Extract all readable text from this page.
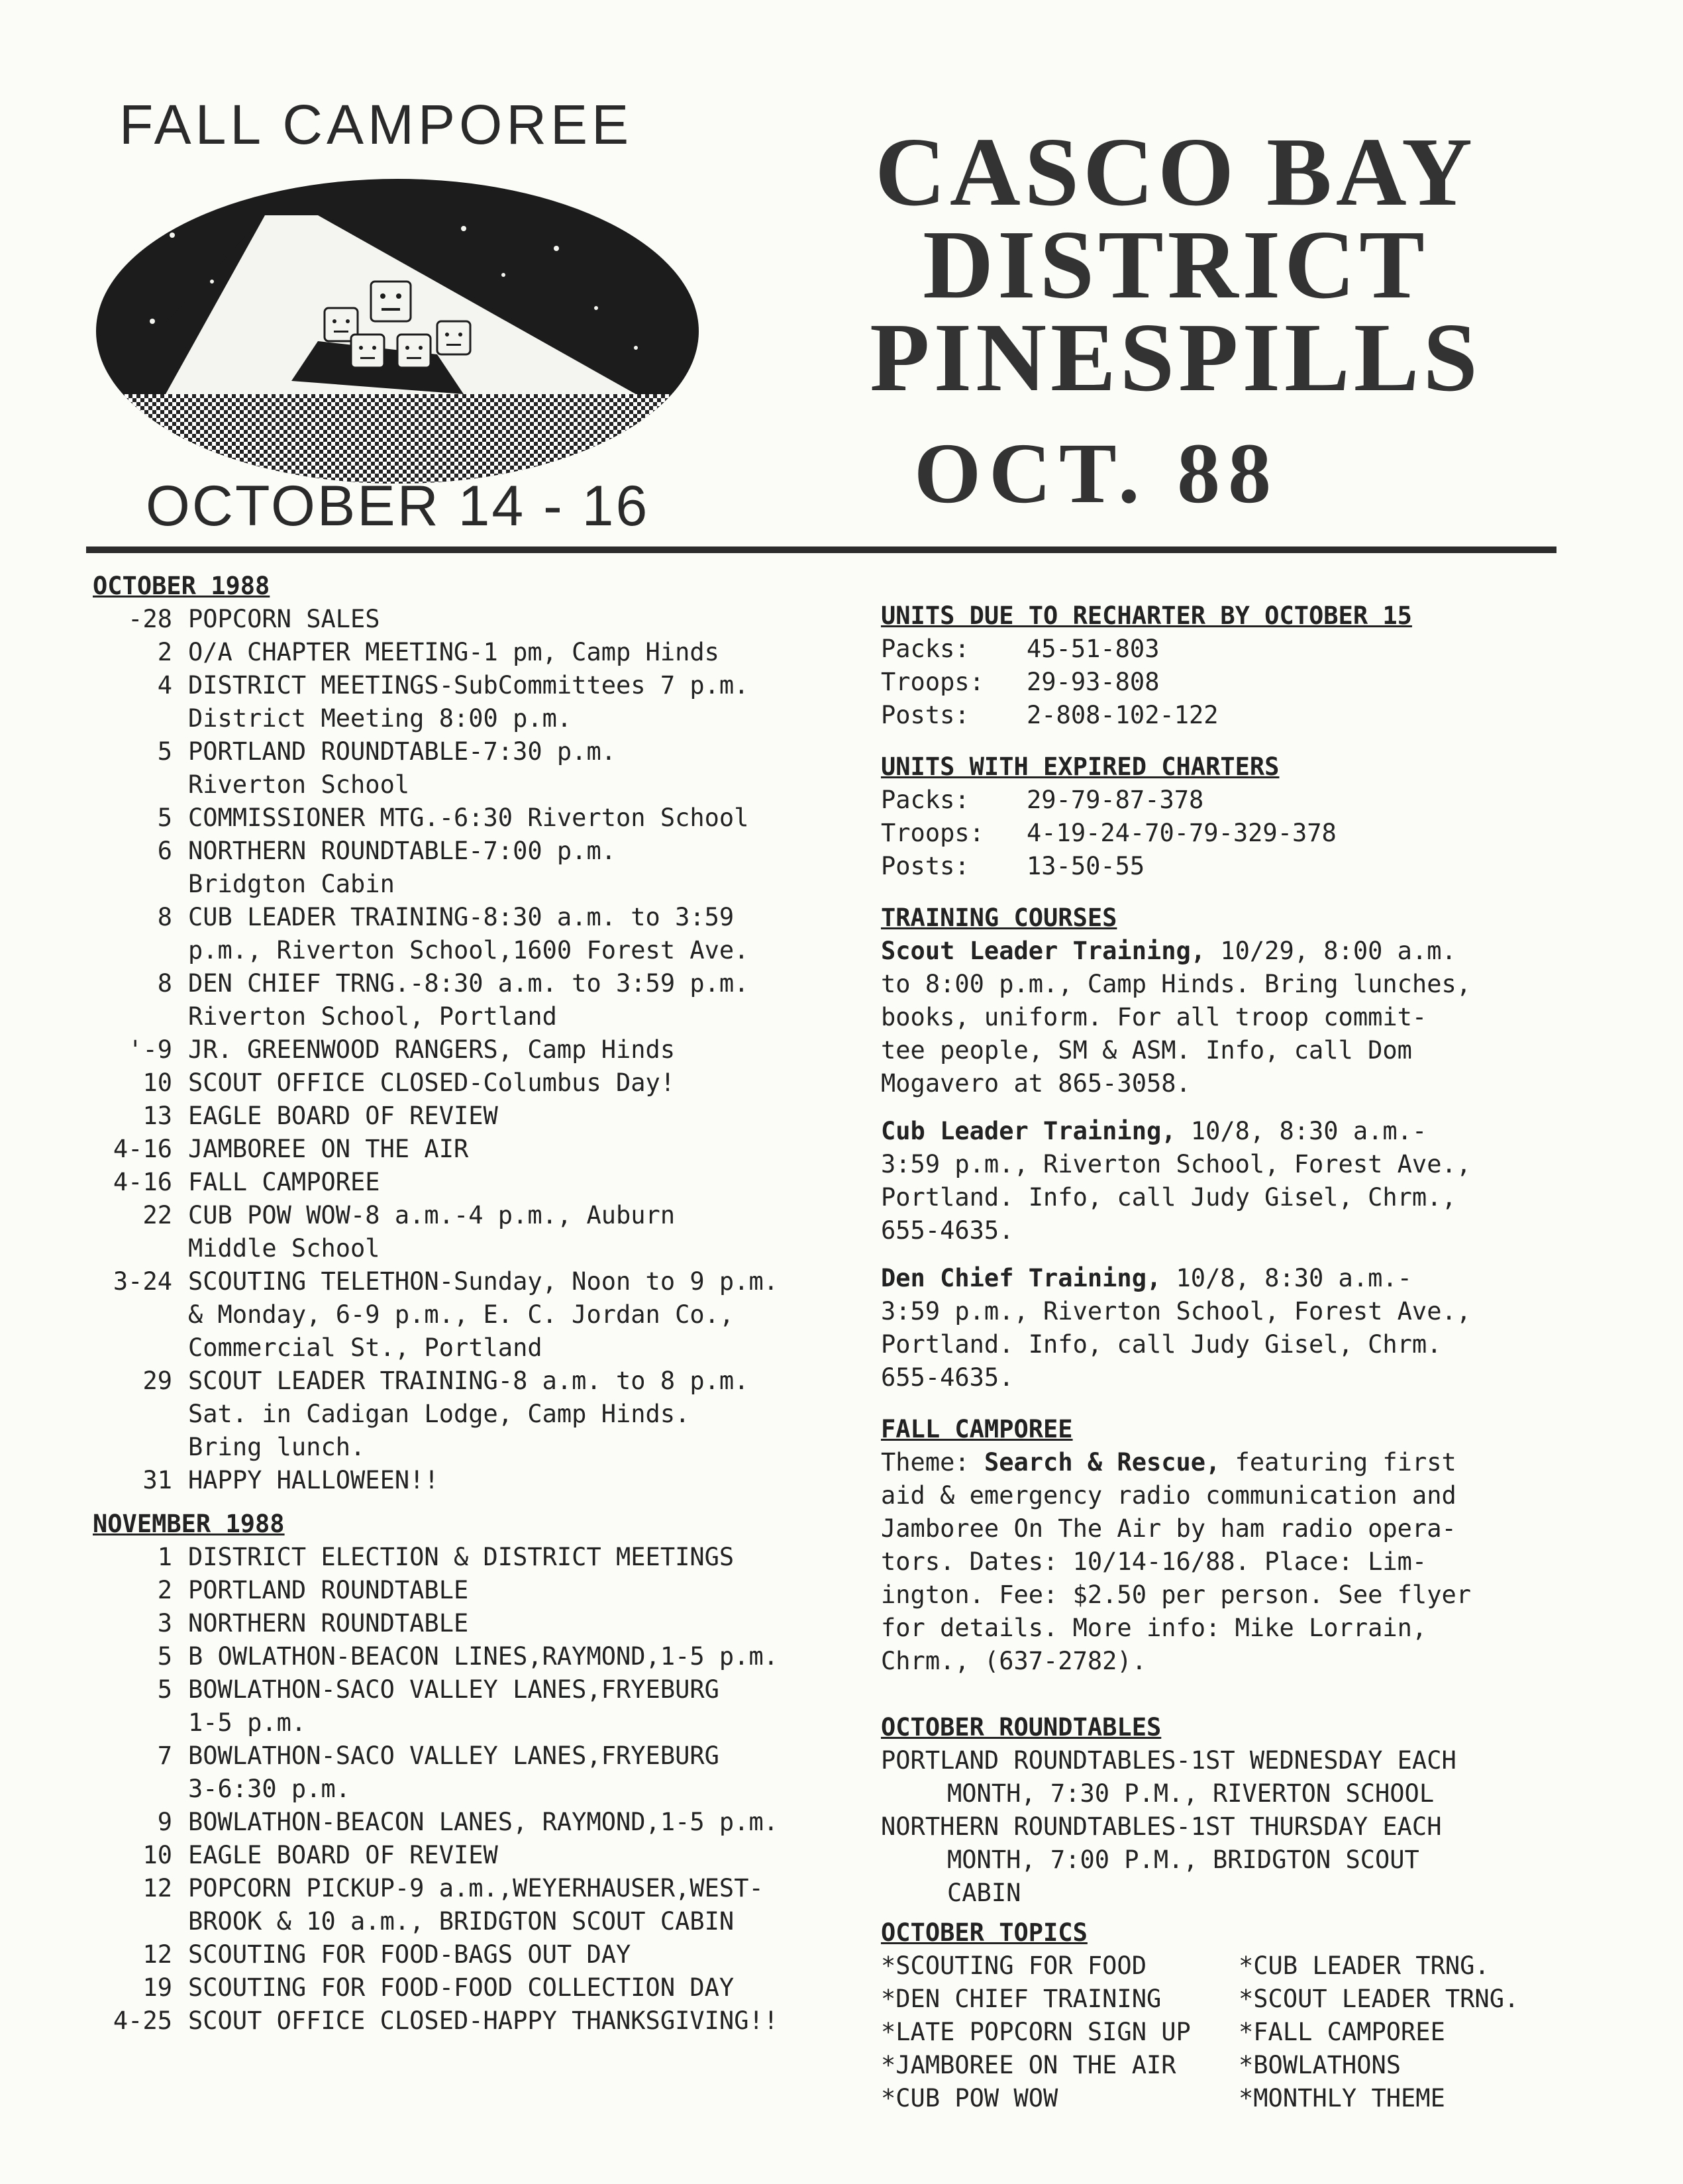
FALL CAMPOREE
OCTOBER 14 - 16
CASCO BAY
DISTRICT
PINESPILLS
OCT. 88
OCTOBER 1988
-28 POPCORN SALES
2 O/A CHAPTER MEETING-1 pm, Camp Hinds
4 DISTRICT MEETINGS-SubCommittees 7 p.m.
District Meeting 8:00 p.m.
5 PORTLAND ROUNDTABLE-7:30 p.m.
Riverton School
5 COMMISSIONER MTG.-6:30 Riverton School
6 NORTHERN ROUNDTABLE-7:00 p.m.
Bridgton Cabin
8 CUB LEADER TRAINING-8:30 a.m. to 3:59
p.m., Riverton School,1600 Forest Ave.
8 DEN CHIEF TRNG.-8:30 a.m. to 3:59 p.m.
Riverton School, Portland
'-9 JR. GREENWOOD RANGERS, Camp Hinds
10 SCOUT OFFICE CLOSED-Columbus Day!
13 EAGLE BOARD OF REVIEW
4-16 JAMBOREE ON THE AIR
4-16 FALL CAMPOREE
22 CUB POW WOW-8 a.m.-4 p.m., Auburn
Middle School
3-24 SCOUTING TELETHON-Sunday, Noon to 9 p.m.
& Monday, 6-9 p.m., E. C. Jordan Co.,
Commercial St., Portland
29 SCOUT LEADER TRAINING-8 a.m. to 8 p.m.
Sat. in Cadigan Lodge, Camp Hinds.
Bring lunch.
31 HAPPY HALLOWEEN!!
NOVEMBER 1988
1 DISTRICT ELECTION & DISTRICT MEETINGS
2 PORTLAND ROUNDTABLE
3 NORTHERN ROUNDTABLE
5 B OWLATHON-BEACON LINES,RAYMOND,1-5 p.m.
5 BOWLATHON-SACO VALLEY LANES,FRYEBURG
1-5 p.m.
7 BOWLATHON-SACO VALLEY LANES,FRYEBURG
3-6:30 p.m.
9 BOWLATHON-BEACON LANES, RAYMOND,1-5 p.m.
10 EAGLE BOARD OF REVIEW
12 POPCORN PICKUP-9 a.m.,WEYERHAUSER,WEST-
BROOK & 10 a.m., BRIDGTON SCOUT CABIN
12 SCOUTING FOR FOOD-BAGS OUT DAY
19 SCOUTING FOR FOOD-FOOD COLLECTION DAY
4-25 SCOUT OFFICE CLOSED-HAPPY THANKSGIVING!!
UNITS DUE TO RECHARTER BY OCTOBER 15
Packs:	45-51-803
Troops:	29-93-808
Posts:	2-808-102-122
UNITS WITH EXPIRED CHARTERS
Packs:	29-79-87-378
Troops:	4-19-24-70-79-329-378
Posts:	13-50-55
TRAINING COURSES
Scout Leader Training, 10/29, 8:00 a.m.
to 8:00 p.m., Camp Hinds. Bring lunches,
books, uniform. For all troop commit-
tee people, SM & ASM. Info, call Dom
Mogavero at 865-3058.
Cub Leader Training, 10/8, 8:30 a.m.-
3:59 p.m., Riverton School, Forest Ave.,
Portland. Info, call Judy Gisel, Chrm.,
655-4635.
Den Chief Training, 10/8, 8:30 a.m.-
3:59 p.m., Riverton School, Forest Ave.,
Portland. Info, call Judy Gisel, Chrm.
655-4635.
FALL CAMPOREE
Theme: Search & Rescue, featuring first
aid & emergency radio communication and
Jamboree On The Air by ham radio opera-
tors. Dates: 10/14-16/88. Place: Lim-
ington. Fee: $2.50 per person. See flyer
for details. More info: Mike Lorrain,
Chrm., (637-2782).
OCTOBER ROUNDTABLES
PORTLAND ROUNDTABLES-1ST WEDNESDAY EACH
MONTH, 7:30 P.M., RIVERTON SCHOOL
NORTHERN ROUNDTABLES-1ST THURSDAY EACH
MONTH, 7:00 P.M., BRIDGTON SCOUT
CABIN
OCTOBER TOPICS
*SCOUTING FOR FOOD	*CUB LEADER TRNG.
*DEN CHIEF TRAINING	*SCOUT LEADER TRNG.
*LATE POPCORN SIGN UP	*FALL CAMPOREE
*JAMBOREE ON THE AIR	*BOWLATHONS
*CUB POW WOW	*MONTHLY THEME
